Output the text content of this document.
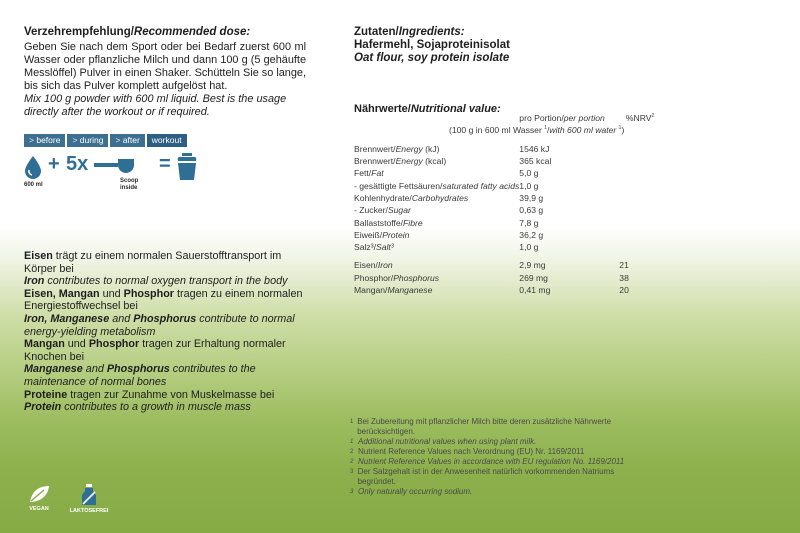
Verzehrempfehlung/Recommended dose:

Geben Sie nach dem Sport oder bei Bedarf zuerst 600 ml Wasser oder pflanzliche Milch und dann 100 g (5 gehäufte Messlöffel) Pulver in einen Shaker. Schütteln Sie so lange, bis sich das Pulver komplett aufgelöst hat.

Mix 100 g powder with 600 ml liquid. Best is the usage directly after the workout or if required.

> before	> during	> after	workout
600 ml
+ 5x
Scoop inside
=

Eisen trägt zu einem normalen Sauerstofftransport im Körper bei

Iron contributes to normal oxygen transport in the body

Eisen, Mangan und Phosphor tragen zu einem normalen Energiestoffwechsel bei

Iron, Manganese and Phosphorus contribute to normal energy-yielding metabolism

Mangan und Phosphor tragen zur Erhaltung normaler Knochen bei

Manganese and Phosphorus contributes to the maintenance of normal bones

Proteine tragen zur Zunahme von Muskelmasse bei

Protein contributes to a growth in muscle mass

Zutaten/Ingredients:

Hafermehl, Sojaproteinisolat

Oat flour, soy protein isolate

Nährwerte/Nutritional value:

	pro Portion/per portion	%NRV$^2$
(100 g in 600 ml Wasser $^1$/with 600 ml water $^1$)		

Brennwert/Energy (kJ)	1546 kJ	
Brennwert/Energy (kcal)	365 kcal	
Fett/Fat	5,0 g	
- gesättigte Fettsäuren/saturated fatty acids	1,0 g	
Kohlenhydrate/Carbohydrates	39,9 g	
- Zucker/Sugar	0,63 g	
Ballaststoffe/Fibre	7,8 g	
Eiweiß/Protein	36,2 g	
Salz³/Salt³	1,0 g	

Eisen/Iron	2,9 mg	21
Phosphor/Phosphorus	269 mg	38
Mangan/Manganese	0,41 mg	20
1 Bei Zubereitung mit pflanzlicher Milch bitte deren zusätzliche Nährwerte berücksichtigen.
1 Additional nutritional values when using plant milk.
2 Nutrient Reference Values nach Verordnung (EU) Nr. 1169/2011
2 Nutrient Reference Values in accordance with EU regulation No. 1169/2011
3 Der Salzgehalt ist in der Anwesenheit natürlich vorkommenden Natriums begründet.
3 Only naturally occurring sodium.
VEGAN	LAKTOSEFREI
